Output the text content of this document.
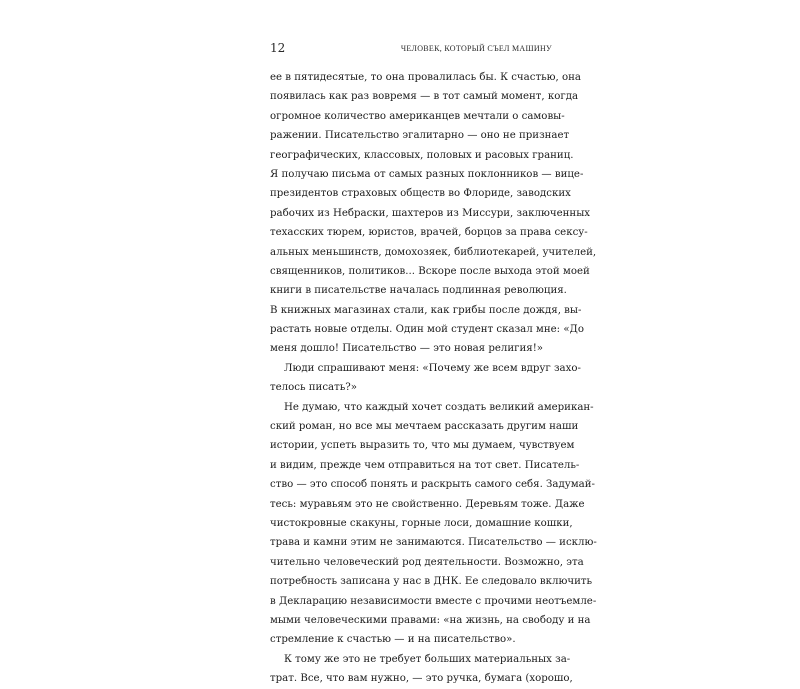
12	ЧЕЛОВЕК, КОТОРЫЙ СЪЕЛ МАШИНУ
ее в пятидесятые, то она провалилась бы. К счастью, она
появилась как раз вовремя — в тот самый момент, когда
огромное количество американцев мечтали о самовы-
ражении. Писательство эгалитарно — оно не признает
географических, классовых, половых и расовых границ.
Я получаю письма от самых разных поклонников — вице-
президентов страховых обществ во Флориде, заводских
рабочих из Небраски, шахтеров из Миссури, заключенных
техасских тюрем, юристов, врачей, борцов за права сексу-
альных меньшинств, домохозяек, библиотекарей, учителей,
священников, политиков... Вскоре после выхода этой моей
книги в писательстве началась подлинная революция.
В книжных магазинах стали, как грибы после дождя, вы-
растать новые отделы. Один мой студент сказал мне: «До
меня дошло! Писательство — это новая религия!»
Люди спрашивают меня: «Почему же всем вдруг захо-
телось писать?»
Не думаю, что каждый хочет создать великий американ-
ский роман, но все мы мечтаем рассказать другим наши
истории, успеть выразить то, что мы думаем, чувствуем
и видим, прежде чем отправиться на тот свет. Писатель-
ство — это способ понять и раскрыть самого себя. Задумай-
тесь: муравьям это не свойственно. Деревьям тоже. Даже
чистокровные скакуны, горные лоси, домашние кошки,
трава и камни этим не занимаются. Писательство — исклю-
чительно человеческий род деятельности. Возможно, эта
потребность записана у нас в ДНК. Ее следовало включить
в Декларацию независимости вместе с прочими неотъемле-
мыми человеческими правами: «на жизнь, на свободу и на
стремление к счастью — и на писательство».
К тому же это не требует больших материальных за-
трат. Все, что вам нужно, — это ручка, бумага (хорошо,
